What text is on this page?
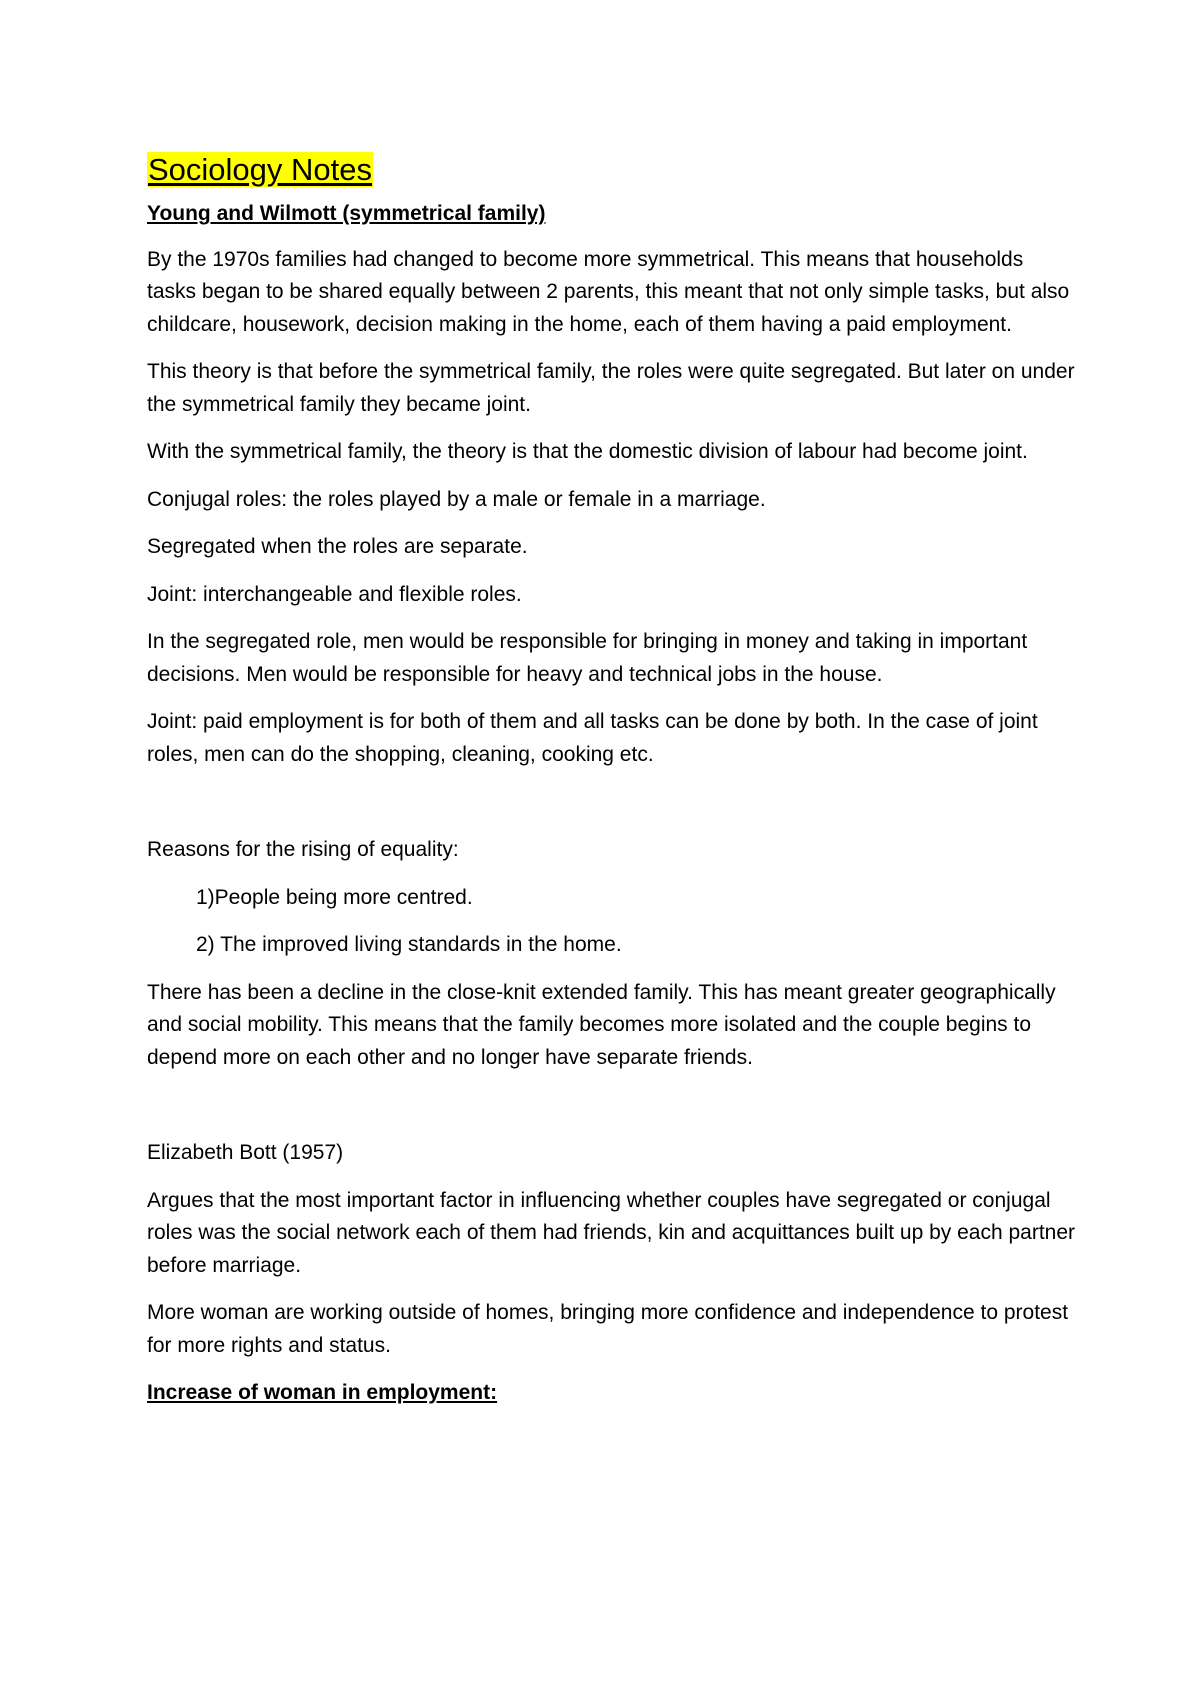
Sociology Notes
Young and Wilmott (symmetrical family)

By the 1970s families had changed to become more symmetrical. This means that households tasks began to be shared equally between 2 parents, this meant that not only simple tasks, but also childcare, housework, decision making in the home, each of them having a paid employment.

This theory is that before the symmetrical family, the roles were quite segregated. But later on under the symmetrical family they became joint.

With the symmetrical family, the theory is that the domestic division of labour had become joint.

Conjugal roles: the roles played by a male or female in a marriage.

Segregated when the roles are separate.

Joint: interchangeable and flexible roles.

In the segregated role, men would be responsible for bringing in money and taking in important decisions. Men would be responsible for heavy and technical jobs in the house.

Joint: paid employment is for both of them and all tasks can be done by both. In the case of joint roles, men can do the shopping, cleaning, cooking etc.

Reasons for the rising of equality:

1)People being more centred.
2) The improved living standards in the home.

There has been a decline in the close-knit extended family. This has meant greater geographically and social mobility. This means that the family becomes more isolated and the couple begins to depend more on each other and no longer have separate friends.

Elizabeth Bott (1957)

Argues that the most important factor in influencing whether couples have segregated or conjugal roles was the social network each of them had friends, kin and acquittances built up by each partner before marriage.

More woman are working outside of homes, bringing more confidence and independence to protest for more rights and status.

Increase of woman in employment:
